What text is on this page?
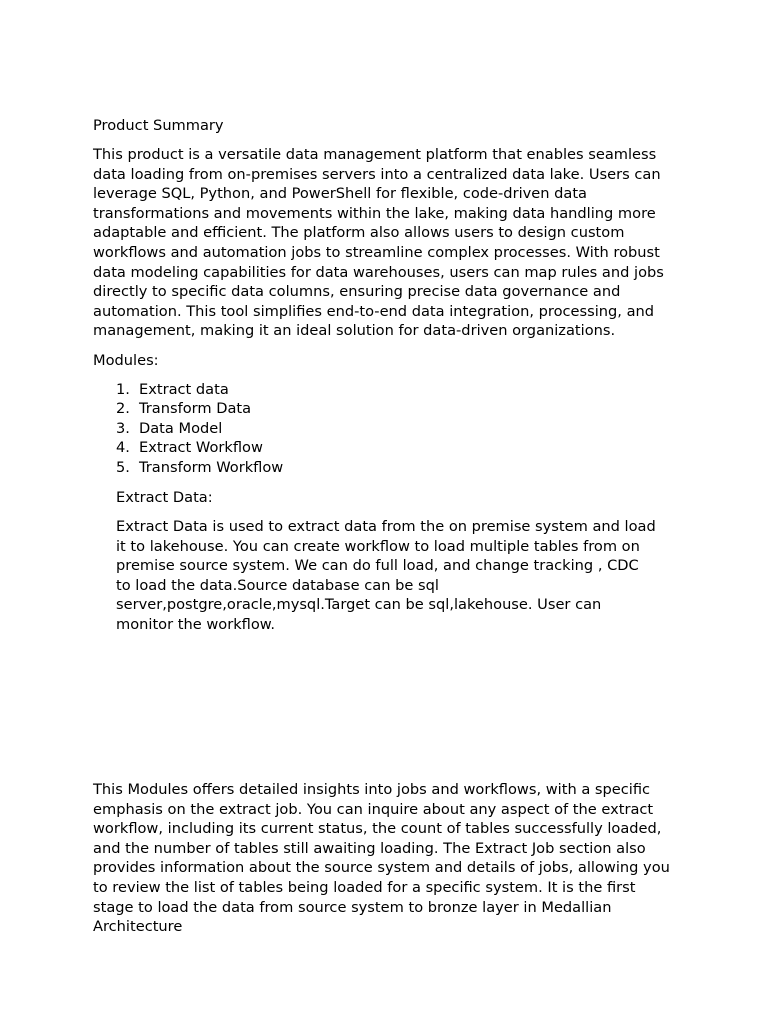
Product Summary

This product is a versatile data management platform that enables seamless data loading from on-premises servers into a centralized data lake. Users can leverage SQL, Python, and PowerShell for flexible, code-driven data transformations and movements within the lake, making data handling more adaptable and efficient. The platform also allows users to design custom workflows and automation jobs to streamline complex processes. With robust data modeling capabilities for data warehouses, users can map rules and jobs directly to specific data columns, ensuring precise data governance and automation. This tool simplifies end-to-end data integration, processing, and management, making it an ideal solution for data-driven organizations.

Modules:
1. Extract data
2. Transform Data
3. Data Model
4. Extract Workflow
5. Transform Workflow
Extract Data:

Extract Data is used to extract data from the on premise system and load it to lakehouse. You can create workflow to load multiple tables from on premise source system. We can do full load, and change tracking , CDC to load the data.Source database can be sql server,postgre,oracle,mysql.Target can be sql,lakehouse. User can monitor the workflow.

This Modules offers detailed insights into jobs and workflows, with a specific emphasis on the extract job. You can inquire about any aspect of the extract workflow, including its current status, the count of tables successfully loaded, and the number of tables still awaiting loading. The Extract Job section also provides information about the source system and details of jobs, allowing you to review the list of tables being loaded for a specific system. It is the first stage to load the data from source system to bronze layer in Medallian Architecture
